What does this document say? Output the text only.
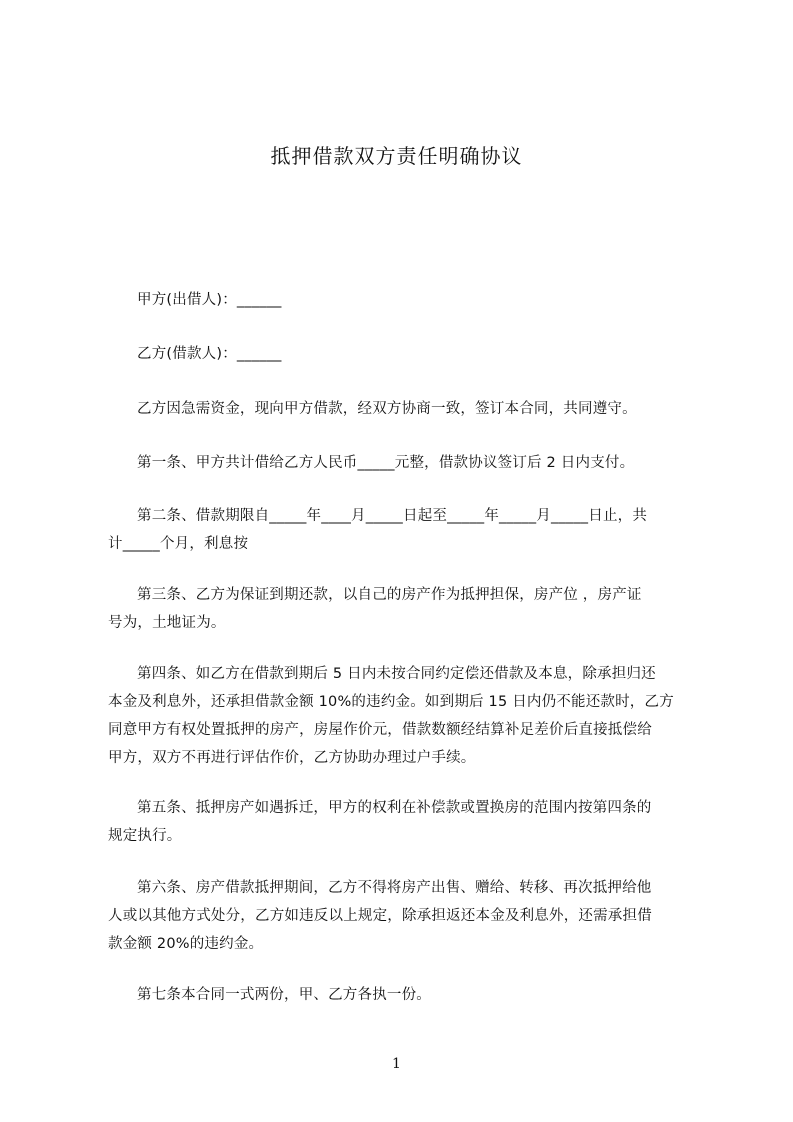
抵押借款双方责任明确协议
甲方(出借人)：______
乙方(借款人)：______
乙方因急需资金，现向甲方借款，经双方协商一致，签订本合同，共同遵守。
第一条、甲方共计借给乙方人民币_____元整，借款协议签订后 2 日内支付。
第二条、借款期限自_____年____月_____日起至_____年_____月_____日止，共
计_____个月，利息按
第三条、乙方为保证到期还款，以自己的房产作为抵押担保，房产位 ，房产证
号为，土地证为。
第四条、如乙方在借款到期后 5 日内未按合同约定偿还借款及本息，除承担归还
本金及利息外，还承担借款金额 10%的违约金。如到期后 15 日内仍不能还款时，乙方
同意甲方有权处置抵押的房产，房屋作价元，借款数额经结算补足差价后直接抵偿给
甲方，双方不再进行评估作价，乙方协助办理过户手续。
第五条、抵押房产如遇拆迁，甲方的权利在补偿款或置换房的范围内按第四条的
规定执行。
第六条、房产借款抵押期间，乙方不得将房产出售、赠给、转移、再次抵押给他
人或以其他方式处分，乙方如违反以上规定，除承担返还本金及利息外，还需承担借
款金额 20%的违约金。
第七条本合同一式两份，甲、乙方各执一份。
1
